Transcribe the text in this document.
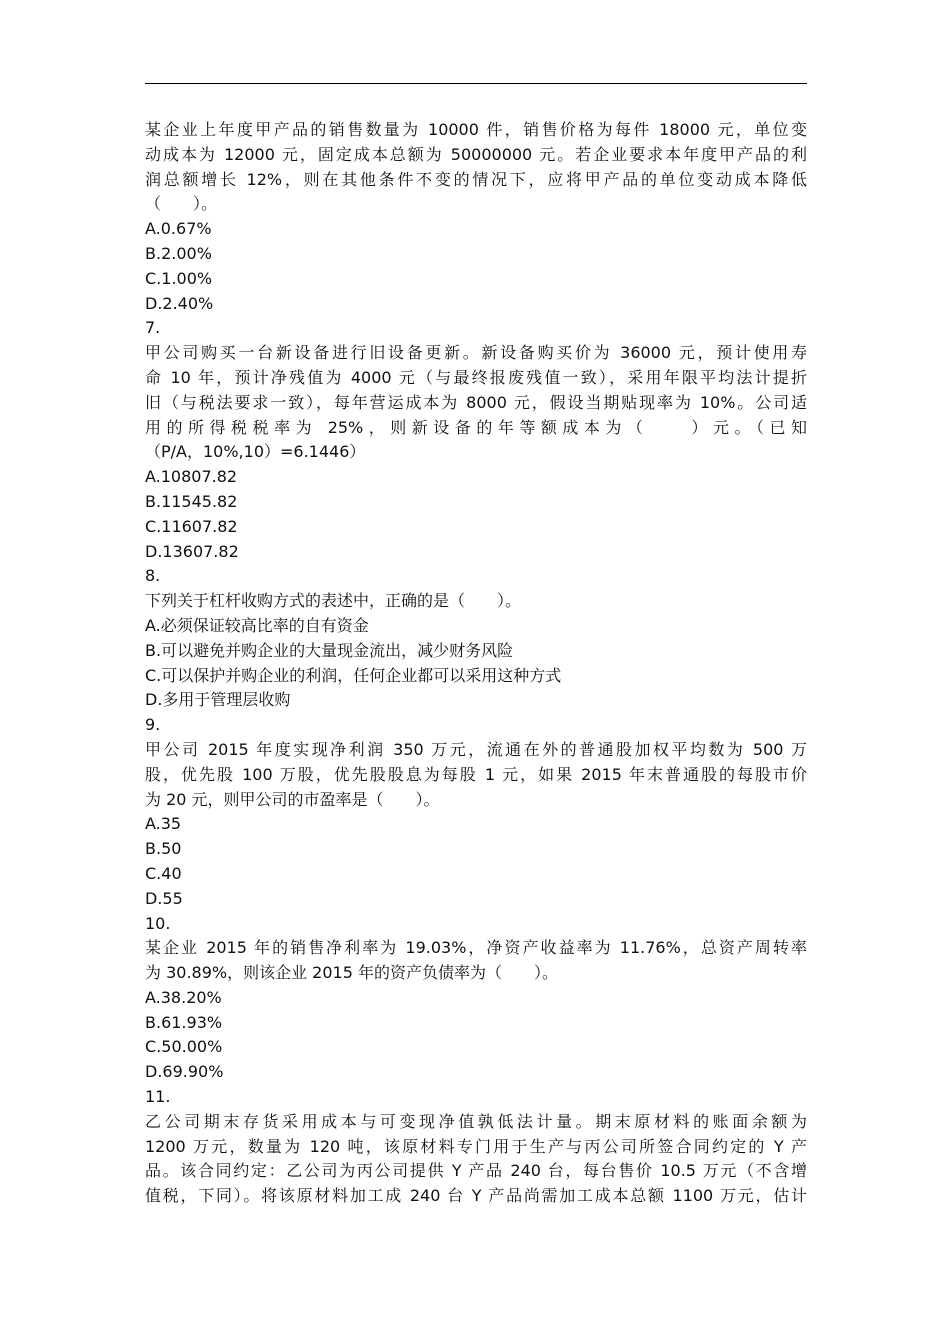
某企业上年度甲产品的销售数量为 10000 件，销售价格为每件 18000 元，单位变
动成本为 12000 元，固定成本总额为 50000000 元。若企业要求本年度甲产品的利
润总额增长 12%，则在其他条件不变的情况下，应将甲产品的单位变动成本降低
（　　）。
A.0.67%
B.2.00%
C.1.00%
D.2.40%
7.
甲公司购买一台新设备进行旧设备更新。新设备购买价为 36000 元，预计使用寿
命 10 年，预计净残值为 4000 元（与最终报废残值一致），采用年限平均法计提折
旧（与税法要求一致），每年营运成本为 8000 元，假设当期贴现率为 10%。公司适
用的所得税税率为 25%，则新设备的年等额成本为（　　）元。（已知
（P/A，10%,10）=6.1446）
A.10807.82
B.11545.82
C.11607.82
D.13607.82
8.
下列关于杠杆收购方式的表述中，正确的是（　　）。
A.必须保证较高比率的自有资金
B.可以避免并购企业的大量现金流出，减少财务风险
C.可以保护并购企业的利润，任何企业都可以采用这种方式
D.多用于管理层收购
9.
甲公司 2015 年度实现净利润 350 万元，流通在外的普通股加权平均数为 500 万
股，优先股 100 万股，优先股股息为每股 1 元，如果 2015 年末普通股的每股市价
为 20 元，则甲公司的市盈率是（　　）。
A.35
B.50
C.40
D.55
10.
某企业 2015 年的销售净利率为 19.03%，净资产收益率为 11.76%，总资产周转率
为 30.89%，则该企业 2015 年的资产负债率为（　　）。
A.38.20%
B.61.93%
C.50.00%
D.69.90%
11.
乙公司期末存货采用成本与可变现净值孰低法计量。期末原材料的账面余额为
1200 万元，数量为 120 吨，该原材料专门用于生产与丙公司所签合同约定的 Y 产
品。该合同约定：乙公司为丙公司提供 Y 产品 240 台，每台售价 10.5 万元（不含增
值税，下同）。将该原材料加工成 240 台 Y 产品尚需加工成本总额 1100 万元，估计
